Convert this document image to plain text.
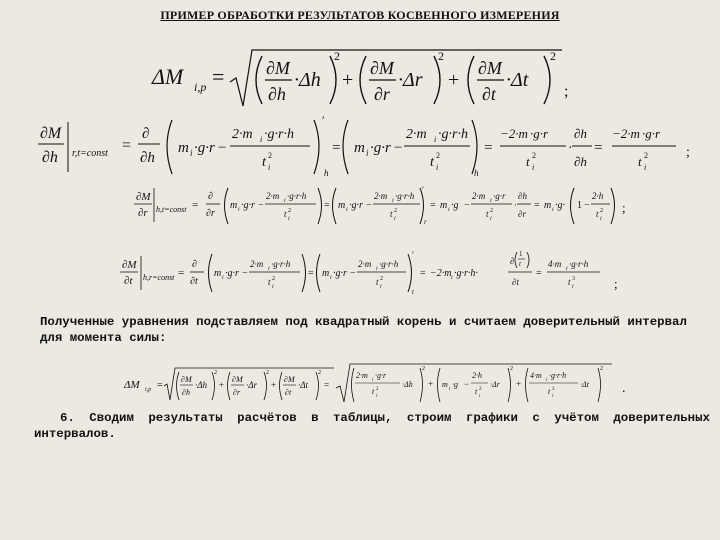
ПРИМЕР ОБРАБОТКИ РЕЗУЛЬТАТОВ КОСВЕННОГО ИЗМЕРЕНИЯ
ΔM i,p = ∂M
∂h
·Δh
2
+
∂M
∂r
·Δr
2
+
∂M
∂t
·Δt
2
;
∂M
∂h r,t=const =
∂
∂h
m i ·g·r −
2·m i ·g·r·h
t i
2
′
h
= m i ·g·r −
2·m i ·g·r·h
t i
2
h
=
−2·m ·g·r
t i
2 ·
∂h
∂h
=
−2·m ·g·r
t i
2	;
∂M
∂r h,t=const =
∂
∂r
m i ·g·r −
2·m i ·g·r·h
t i
2	= m i ·g·r −
2·m i ·g·r·h
t i
2
′
r
= m i ·g −
2·m i ·g·r
t i
2
·
∂h
∂r
= m i ·g· 1 −
2·h
t i
2 ;
∂M
∂t h,r=const =
∂
∂t
m i ·g·r −
2·m i ·g·r·h
t i
2	= m i ·g·r −
2·m i ·g·r·h
t i
2
′
t
= −2·m i ·g·r·h·
∂
1
t
∂t
=
4·m i ·g·r·h
t i
3	;
Полученные уравнения подставляем под квадратный корень и считаем доверительный интервал для момента силы:
ΔM i,p =
∂M
∂h
·Δh
2
+
∂M
∂r
·Δr
2
+
∂M
∂t
·Δt
2
=
2·m
i
·g·r
t
i
2
·Δh
2
+ m
i
·g −
2·h
t
i
2
·Δr
2
+
4·m
i
·g·r·h
t
i
3
·Δt
2
.
6. Сводим результаты расчётов в таблицы, строим графики с учётом доверительных
интервалов.
